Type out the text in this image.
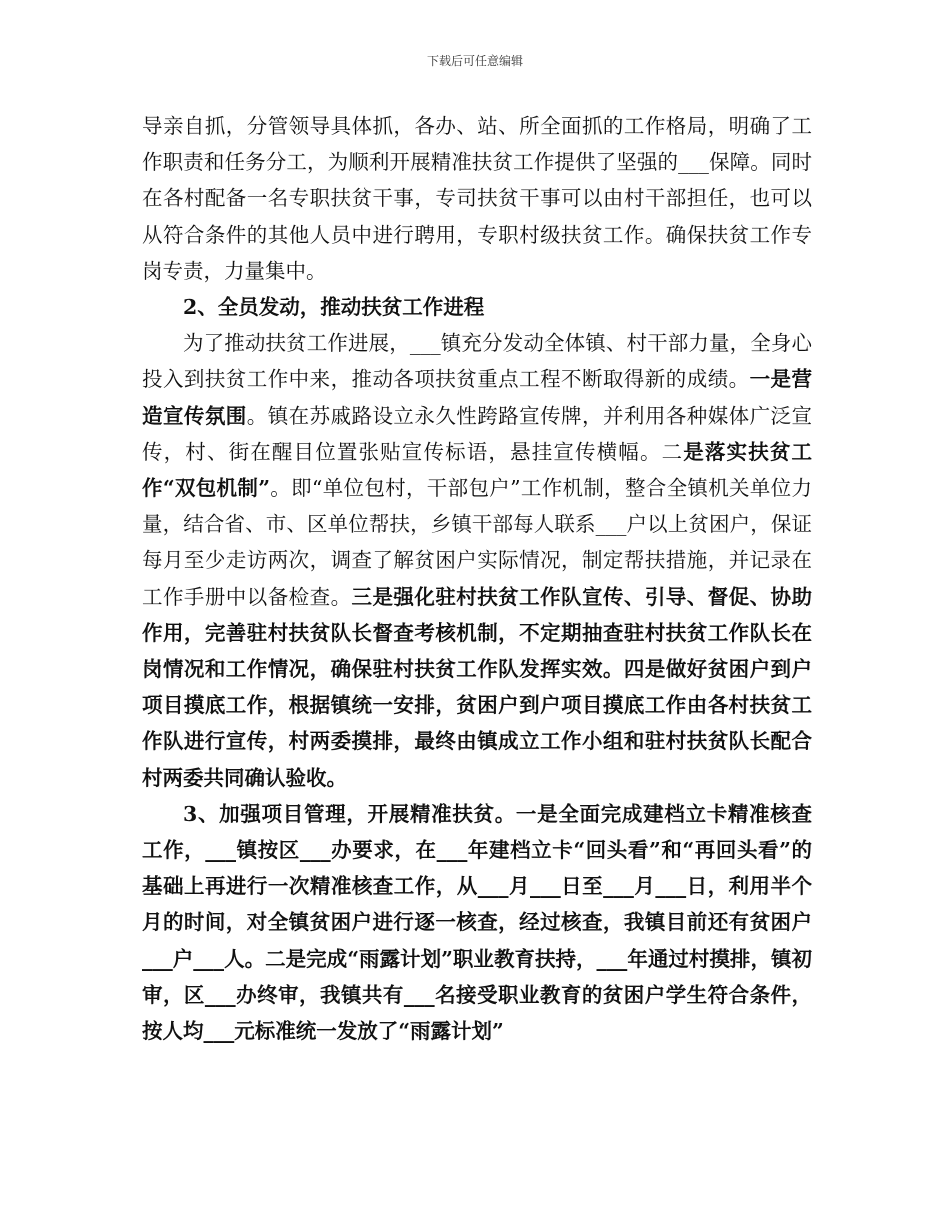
下载后可任意编辑

导亲自抓，分管领导具体抓，各办、站、所全面抓的工作格局，明确了工作职责和任务分工，为顺利开展精准扶贫工作提供了坚强的___保障。同时在各村配备一名专职扶贫干事，专司扶贫干事可以由村干部担任，也可以从符合条件的其他人员中进行聘用，专职村级扶贫工作。确保扶贫工作专岗专责，力量集中。

2、全员发动，推动扶贫工作进程

为了推动扶贫工作进展，___镇充分发动全体镇、村干部力量，全身心投入到扶贫工作中来，推动各项扶贫重点工程不断取得新的成绩。一是营造宣传氛围。镇在苏戚路设立永久性跨路宣传牌，并利用各种媒体广泛宣传，村、街在醒目位置张贴宣传标语，悬挂宣传横幅。二是落实扶贫工作“双包机制”。即“单位包村，干部包户”工作机制，整合全镇机关单位力量，结合省、市、区单位帮扶，乡镇干部每人联系___户以上贫困户，保证每月至少走访两次，调查了解贫困户实际情况，制定帮扶措施，并记录在工作手册中以备检查。三是强化驻村扶贫工作队宣传、引导、督促、协助作用，完善驻村扶贫队长督查考核机制，不定期抽查驻村扶贫工作队长在岗情况和工作情况，确保驻村扶贫工作队发挥实效。四是做好贫困户到户项目摸底工作，根据镇统一安排，贫困户到户项目摸底工作由各村扶贫工作队进行宣传，村两委摸排，最终由镇成立工作小组和驻村扶贫队长配合村两委共同确认验收。

3、加强项目管理，开展精准扶贫。一是全面完成建档立卡精准核查工作，___镇按区___办要求，在___年建档立卡“回头看”和“再回头看”的基础上再进行一次精准核查工作，从___月___日至___月___日，利用半个月的时间，对全镇贫困户进行逐一核查，经过核查，我镇目前还有贫困户___户___人。二是完成“雨露计划”职业教育扶持，___年通过村摸排，镇初审，区___办终审，我镇共有___名接受职业教育的贫困户学生符合条件，按人均___元标准统一发放了“雨露计划”
